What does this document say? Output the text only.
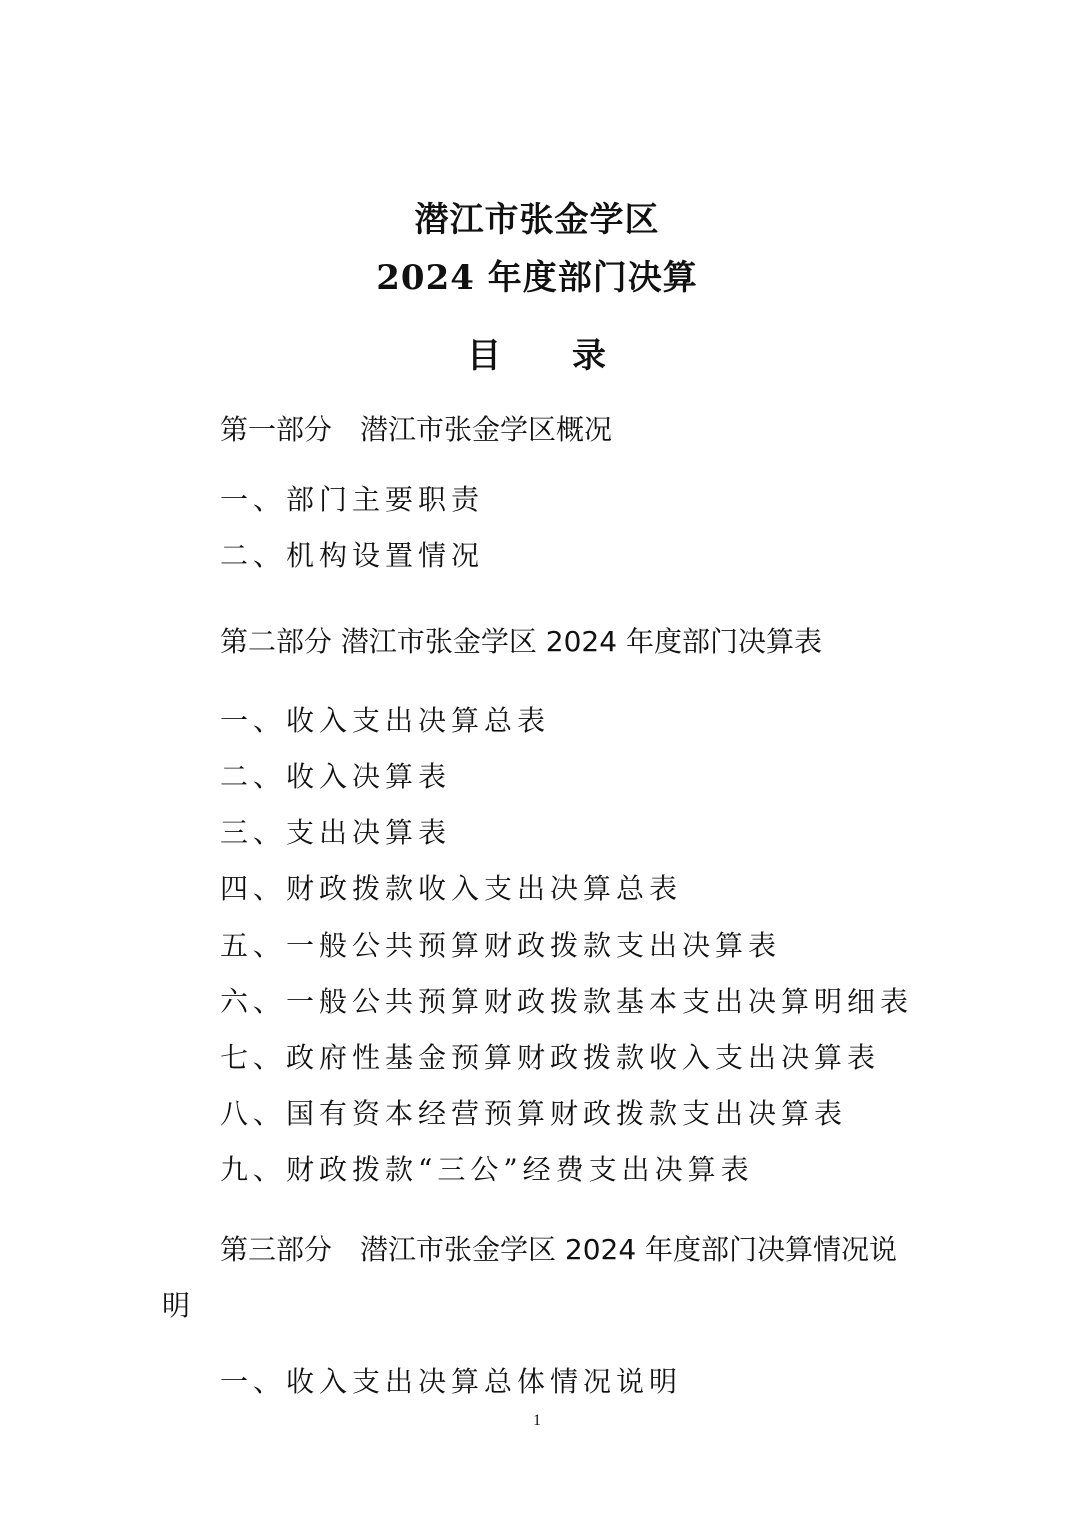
潜江市张金学区
2024 年度部门决算
目　　录
第一部分　潜江市张金学区概况
一、部门主要职责
二、机构设置情况
第二部分 潜江市张金学区 2024 年度部门决算表
一、收入支出决算总表
二、收入决算表
三、支出决算表
四、财政拨款收入支出决算总表
五、一般公共预算财政拨款支出决算表
六、一般公共预算财政拨款基本支出决算明细表
七、政府性基金预算财政拨款收入支出决算表
八、国有资本经营预算财政拨款支出决算表
九、财政拨款“三公”经费支出决算表
第三部分　潜江市张金学区 2024 年度部门决算情况说
明
一、收入支出决算总体情况说明
1
